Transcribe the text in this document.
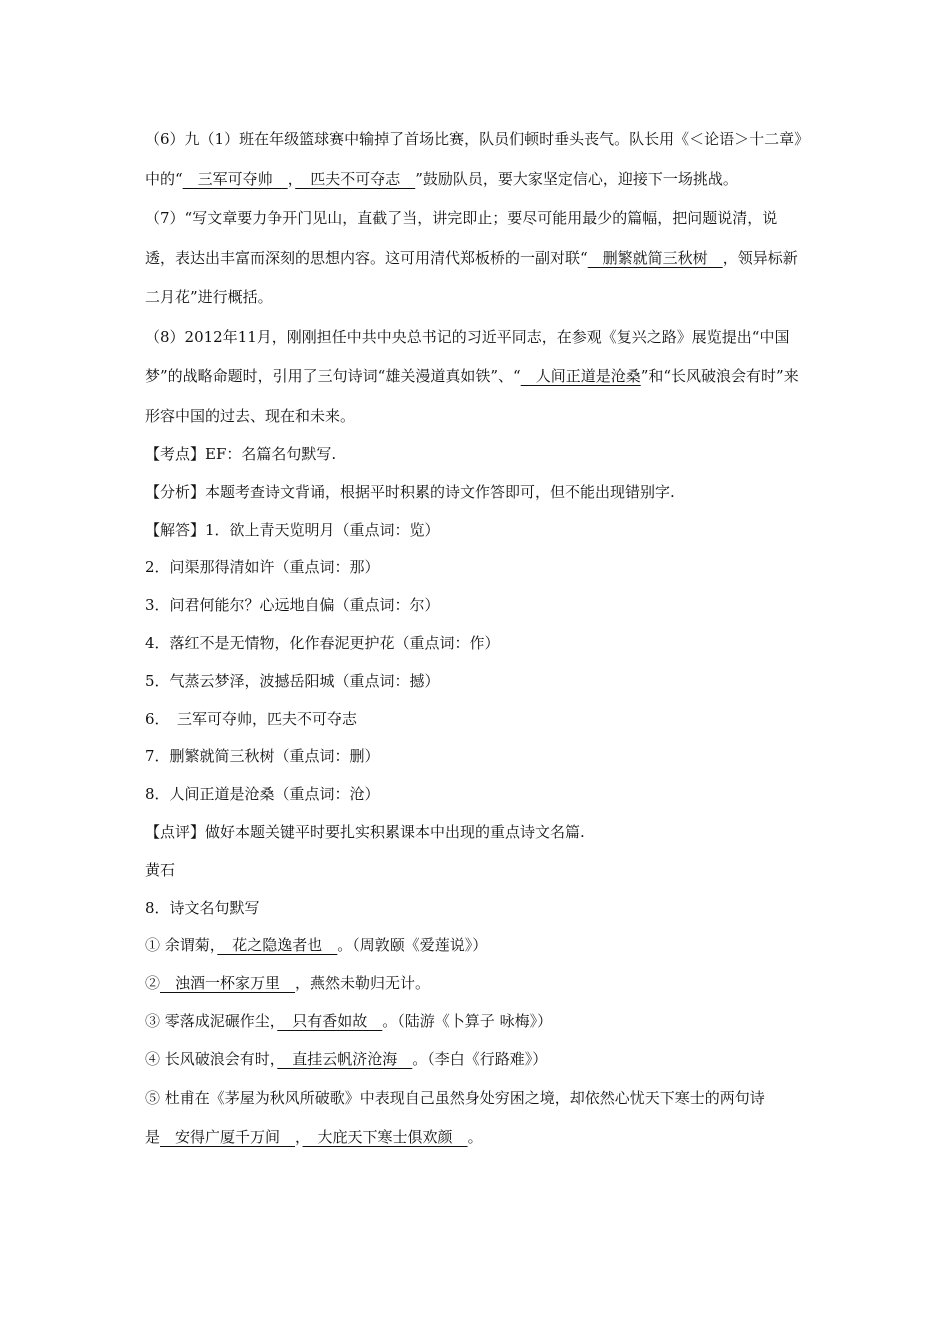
（6）九（1）班在年级篮球赛中输掉了首场比赛，队员们顿时垂头丧气。队长用《＜论语＞十二章》中的“　三军可夺帅　，　匹夫不可夺志　”鼓励队员，要大家坚定信心，迎接下一场挑战。

（7）“写文章要力争开门见山，直截了当，讲完即止；要尽可能用最少的篇幅，把问题说清，说透，表达出丰富而深刻的思想内容。这可用清代郑板桥的一副对联“　删繁就简三秋树　，领异标新二月花”进行概括。

（8）2012年11月，刚刚担任中共中央总书记的习近平同志，在参观《复兴之路》展览提出“中国梦”的战略命题时，引用了三句诗词“雄关漫道真如铁”、“　人间正道是沧桑”和“长风破浪会有时”来形容中国的过去、现在和未来。

【考点】EF：名篇名句默写.

【分析】本题考查诗文背诵，根据平时积累的诗文作答即可，但不能出现错别字.

【解答】1．欲上青天览明月（重点词：览）

2．问渠那得清如许（重点词：那）

3．问君何能尔？心远地自偏（重点词：尔）

4．落红不是无情物，化作春泥更护花（重点词：作）

5．气蒸云梦泽，波撼岳阳城（重点词：撼）

6．　三军可夺帅，匹夫不可夺志

7．删繁就简三秋树（重点词：删）

8．人间正道是沧桑（重点词：沧）

【点评】做好本题关键平时要扎实积累课本中出现的重点诗文名篇.

黄石

8．诗文名句默写

① 余谓菊，　花之隐逸者也　。（周敦颐《爱莲说》）

②　浊酒一杯家万里　，燕然未勒归无计。

③ 零落成泥碾作尘，　只有香如故　。（陆游《卜算子 咏梅》）

④ 长风破浪会有时，　直挂云帆济沧海　。（李白《行路难》）

⑤ 杜甫在《茅屋为秋风所破歌》中表现自己虽然身处穷困之境，却依然心忧天下寒士的两句诗是　安得广厦千万间　，　大庇天下寒士俱欢颜　。
